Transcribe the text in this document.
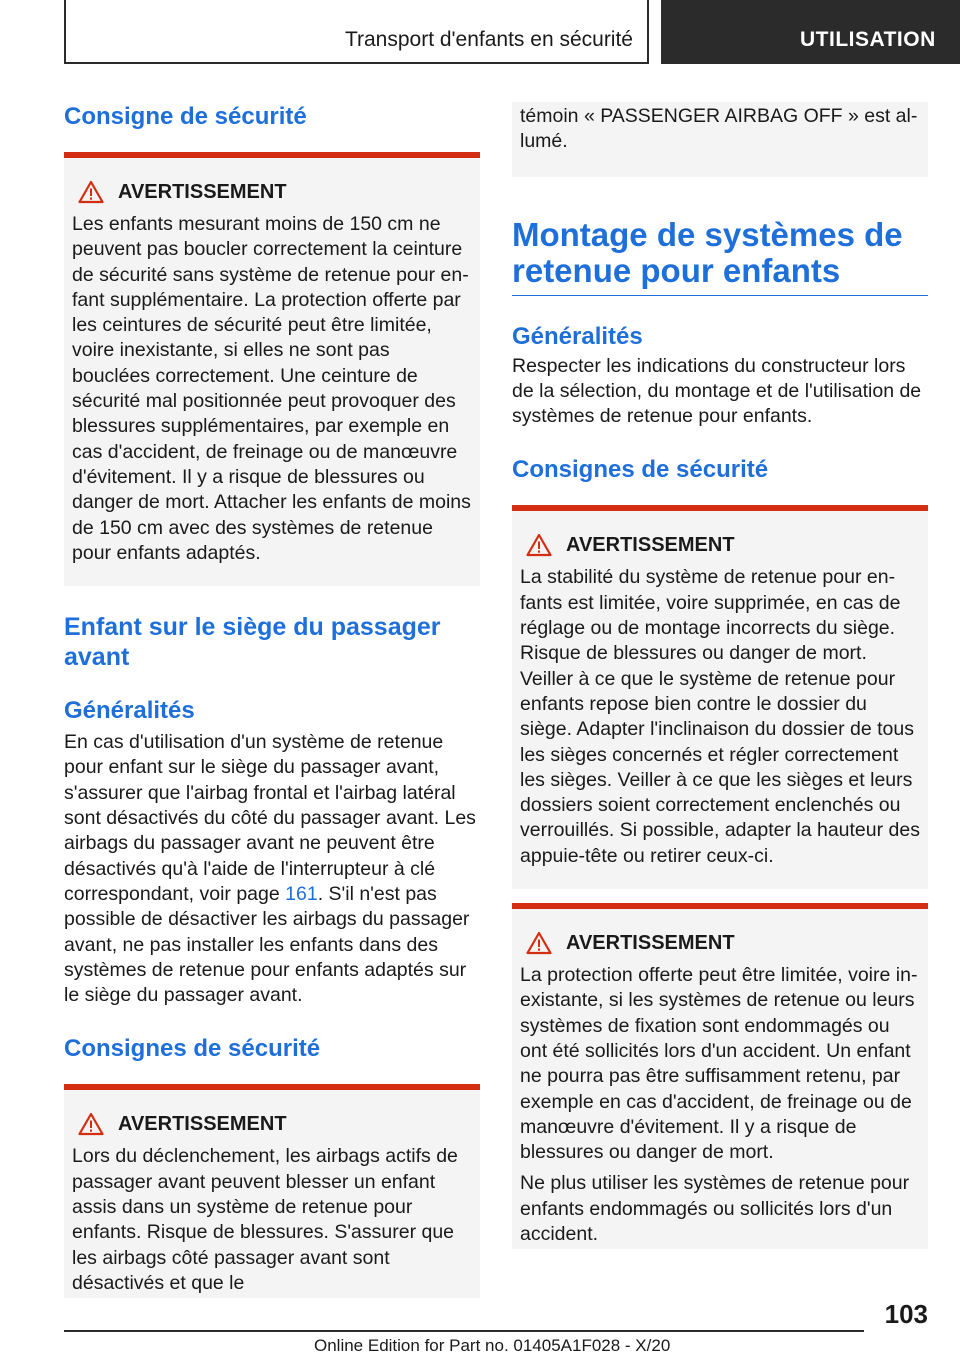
Transport d'enfants en sécurité	UTILISATION
Consigne de sécurité
AVERTISSEMENT

Les enfants mesurant moins de 150 cm ne peuvent pas boucler correctement la ceinture de sécurité sans système de retenue pour enfant supplémentaire. La protection offerte par les ceintures de sécurité peut être limitée, voire inexistante, si elles ne sont pas bouclées correctement. Une ceinture de sécurité mal positionnée peut provoquer des blessures supplémentaires, par exemple en cas d'accident, de freinage ou de manœuvre d'évitement. Il y a risque de blessures ou danger de mort. Attacher les enfants de moins de 150 cm avec des systèmes de retenue pour enfants adaptés.

Enfant sur le siège du passager avant
Généralités

En cas d'utilisation d'un système de retenue pour enfant sur le siège du passager avant, s'assurer que l'airbag frontal et l'airbag latéral sont désactivés du côté du passager avant. Les airbags du passager avant ne peuvent être désactivés qu'à l'aide de l'interrupteur à clé correspondant, voir page 161. S'il n'est pas possible de désactiver les airbags du passager avant, ne pas installer les enfants dans des systèmes de retenue pour enfants adaptés sur le siège du passager avant.

Consignes de sécurité
AVERTISSEMENT

Lors du déclenchement, les airbags actifs de passager avant peuvent blesser un enfant assis dans un système de retenue pour enfants. Risque de blessures. S'assurer que les airbags côté passager avant sont désactivés et que le

témoin « PASSENGER AIRBAG OFF » est allumé.

Montage de systèmes de retenue pour enfants
Généralités

Respecter les indications du constructeur lors de la sélection, du montage et de l'utilisation de systèmes de retenue pour enfants.

Consignes de sécurité
AVERTISSEMENT

La stabilité du système de retenue pour enfants est limitée, voire supprimée, en cas de réglage ou de montage incorrects du siège. Risque de blessures ou danger de mort. Veiller à ce que le système de retenue pour enfants repose bien contre le dossier du siège. Adapter l'inclinaison du dossier de tous les sièges concernés et régler correctement les sièges. Veiller à ce que les sièges et leurs dossiers soient correctement enclenchés ou verrouillés. Si possible, adapter la hauteur des appuie-tête ou retirer ceux-ci.

AVERTISSEMENT

La protection offerte peut être limitée, voire inexistante, si les systèmes de retenue ou leurs systèmes de fixation sont endommagés ou ont été sollicités lors d'un accident. Un enfant ne pourra pas être suffisamment retenu, par exemple en cas d'accident, de freinage ou de manœuvre d'évitement. Il y a risque de blessures ou danger de mort.

Ne plus utiliser les systèmes de retenue pour enfants endommagés ou sollicités lors d'un accident.

103
Online Edition for Part no. 01405A1F028 - X/20
